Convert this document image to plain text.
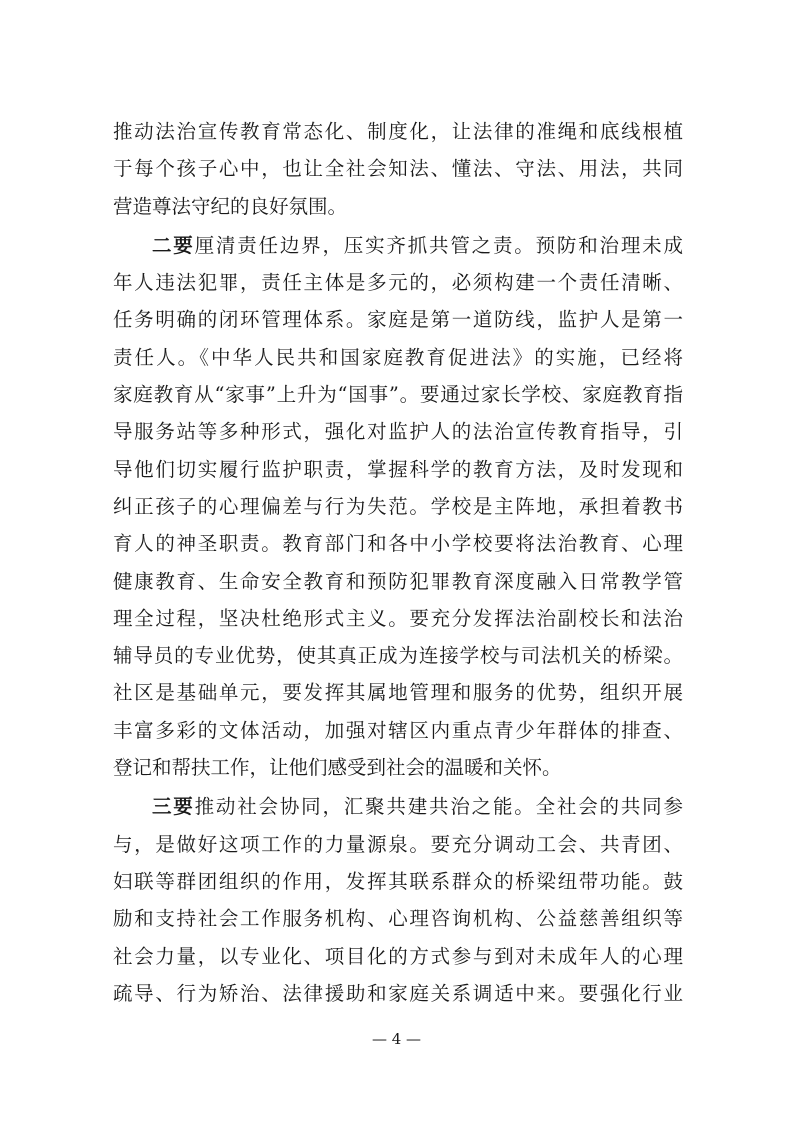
推动法治宣传教育常态化、制度化，让法律的准绳和底线根植
于每个孩子心中，也让全社会知法、懂法、守法、用法，共同
营造尊法守纪的良好氛围。
二要厘清责任边界，压实齐抓共管之责。预防和治理未成
年人违法犯罪，责任主体是多元的，必须构建一个责任清晰、
任务明确的闭环管理体系。家庭是第一道防线，监护人是第一
责任人。《中华人民共和国家庭教育促进法》的实施，已经将
家庭教育从“家事”上升为“国事”。要通过家长学校、家庭教育指
导服务站等多种形式，强化对监护人的法治宣传教育指导，引
导他们切实履行监护职责，掌握科学的教育方法，及时发现和
纠正孩子的心理偏差与行为失范。学校是主阵地，承担着教书
育人的神圣职责。教育部门和各中小学校要将法治教育、心理
健康教育、生命安全教育和预防犯罪教育深度融入日常教学管
理全过程，坚决杜绝形式主义。要充分发挥法治副校长和法治
辅导员的专业优势，使其真正成为连接学校与司法机关的桥梁。
社区是基础单元，要发挥其属地管理和服务的优势，组织开展
丰富多彩的文体活动，加强对辖区内重点青少年群体的排查、
登记和帮扶工作，让他们感受到社会的温暖和关怀。
三要推动社会协同，汇聚共建共治之能。全社会的共同参
与，是做好这项工作的力量源泉。要充分调动工会、共青团、
妇联等群团组织的作用，发挥其联系群众的桥梁纽带功能。鼓
励和支持社会工作服务机构、心理咨询机构、公益慈善组织等
社会力量，以专业化、项目化的方式参与到对未成年人的心理
疏导、行为矫治、法律援助和家庭关系调适中来。要强化行业
— 4 —
